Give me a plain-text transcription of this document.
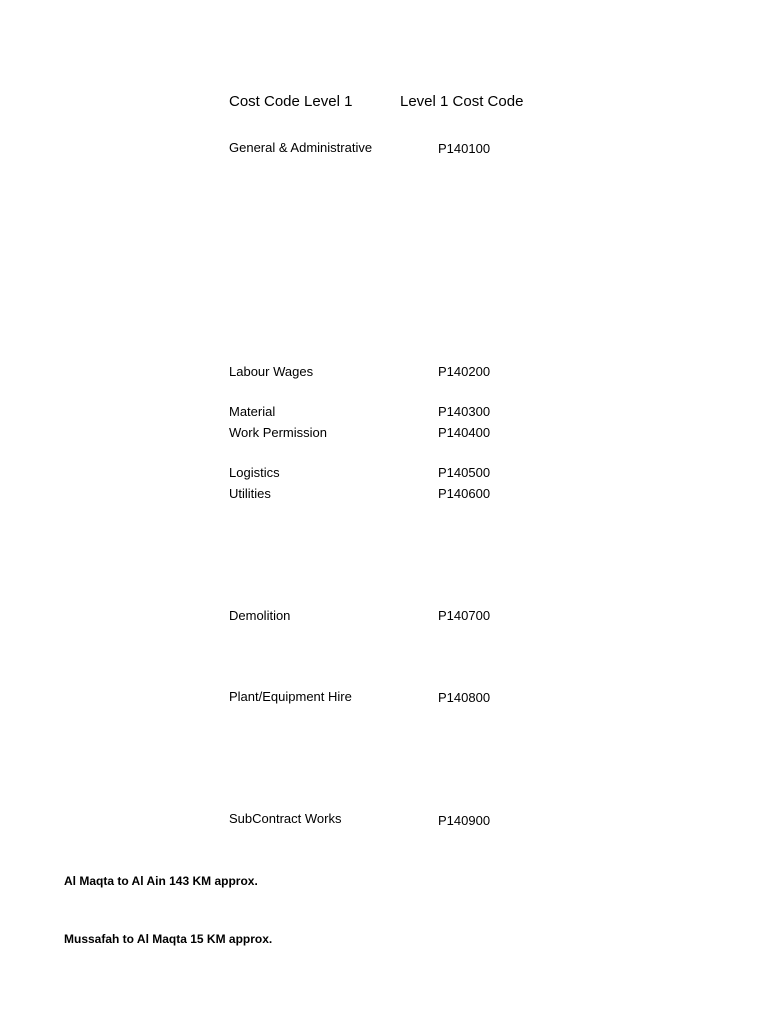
Cost Code Level 1	Level 1 Cost Code
General & Administrative	P140100
Labour Wages	P140200
Material	P140300
Work Permission	P140400
Logistics	P140500
Utilities	P140600
Demolition	P140700
Plant/Equipment Hire	P140800
SubContract Works	P140900
Al Maqta to Al Ain 143 KM approx.
Mussafah to Al Maqta 15 KM approx.
